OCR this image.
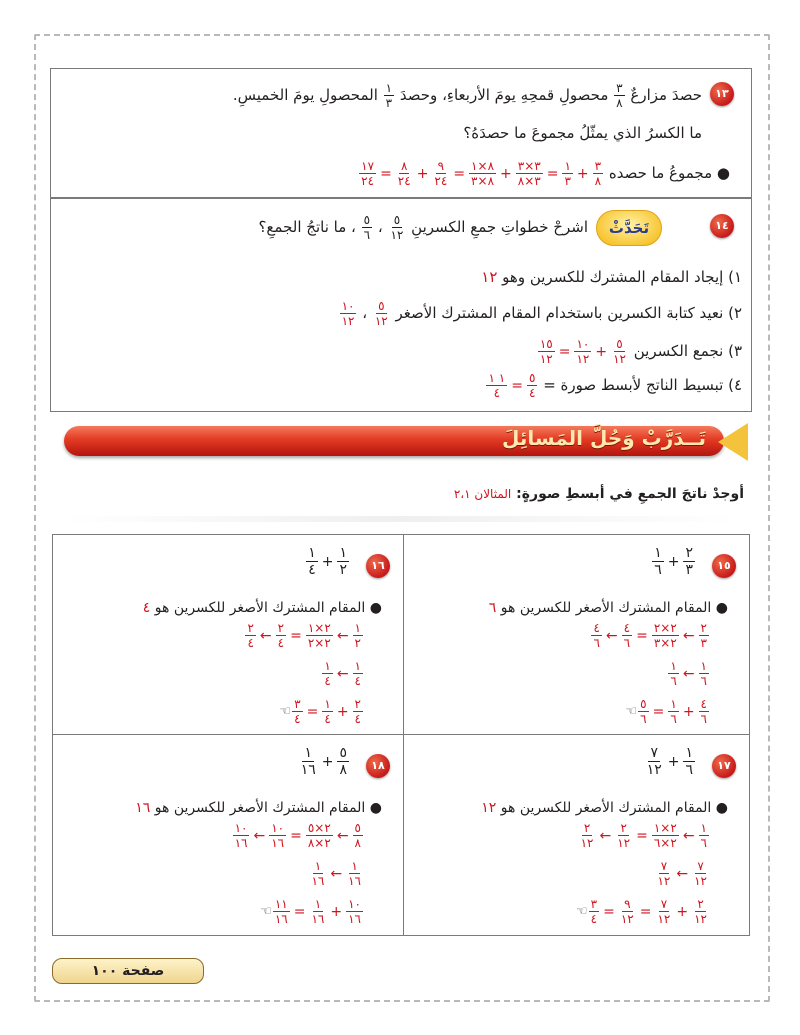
١٣
حصدَ مزارعٌ
$\frac{٣}{٨}$
محصولِ قمحِهِ يومَ الأربعاءِ، وحصدَ
$\frac{١}{٣}$
المحصولِ يومَ الخميسِ.
ما الكسرُ الذي يمثّلُ مجموعَ ما حصدَهُ؟
● مجموعُ ما حصده
$\frac{١٧}{٢٤} = \frac{٨}{٢٤} + \frac{٩}{٢٤} = \frac{٨\times ١}{٨\times ٣} + \frac{٣\times ٣}{٣\times ٨} = \frac{١}{٣} + \frac{٣}{٨}$
١٤
تَحَدَّثْ
اشرحْ خطواتِ جمعِ الكسرينِ
$\frac{٥}{١٢}$
،
$\frac{٥}{٦}$
، ما ناتجُ الجمعِ؟
١) إيجاد المقام المشترك للكسرين وهو ١٢
٢) نعيد كتابة الكسرين باستخدام المقام المشترك الأصغر
$\frac{٥}{١٢}$
،
$\frac{١٠}{١٢}$
٣) نجمع الكسرين
$\frac{١٥}{١٢} = \frac{١٠}{١٢} + \frac{٥}{١٢}$
٤) تبسيط الناتج لأبسط صورة =
$\frac{١ ١}{٤} = \frac{٥}{٤}$
تَــدَرَّبْ وَحُلَّ المَسائِلَ
أوجدْ ناتجَ الجمعِ في أبسطِ صورةٍ: المثالان ٢،١
١٥
$\frac{١}{٦} + \frac{٢}{٣}$
● المقام المشترك الأصغر للكسرين هو ٦
$\frac{٤}{٦}$ ← $\frac{٤}{٦} = \frac{٢\times ٢}{٢\times ٣}$ ← $\frac{٢}{٣}$
$\frac{١}{٦}$ ← $\frac{١}{٦}$
☜ $\frac{٥}{٦} = \frac{١}{٦} + \frac{٤}{٦}$
١٦
$\frac{١}{٤} + \frac{١}{٢}$
● المقام المشترك الأصغر للكسرين هو ٤
$\frac{٢}{٤}$ ← $\frac{٢}{٤} = \frac{٢\times ١}{٢\times ٢}$ ← $\frac{١}{٢}$
$\frac{١}{٤}$ ← $\frac{١}{٤}$
☜ $\frac{٣}{٤} = \frac{١}{٤} + \frac{٢}{٤}$
١٧
$\frac{٧}{١٢} + \frac{١}{٦}$
● المقام المشترك الأصغر للكسرين هو ١٢
$\frac{٢}{١٢}$ ← $\frac{٢}{١٢} = \frac{٢\times ١}{٢\times ٦}$ ← $\frac{١}{٦}$
$\frac{٧}{١٢}$ ← $\frac{٧}{١٢}$
☜ $\frac{٣}{٤} = \frac{٩}{١٢} = \frac{٧}{١٢} + \frac{٢}{١٢}$
١٨
$\frac{١}{١٦} + \frac{٥}{٨}$
● المقام المشترك الأصغر للكسرين هو ١٦
$\frac{١٠}{١٦}$ ← $\frac{١٠}{١٦} = \frac{٢\times ٥}{٢\times ٨}$ ← $\frac{٥}{٨}$
$\frac{١}{١٦}$ ← $\frac{١}{١٦}$
☜ $\frac{١١}{١٦} = \frac{١}{١٦} + \frac{١٠}{١٦}$
صفحة ١٠٠
